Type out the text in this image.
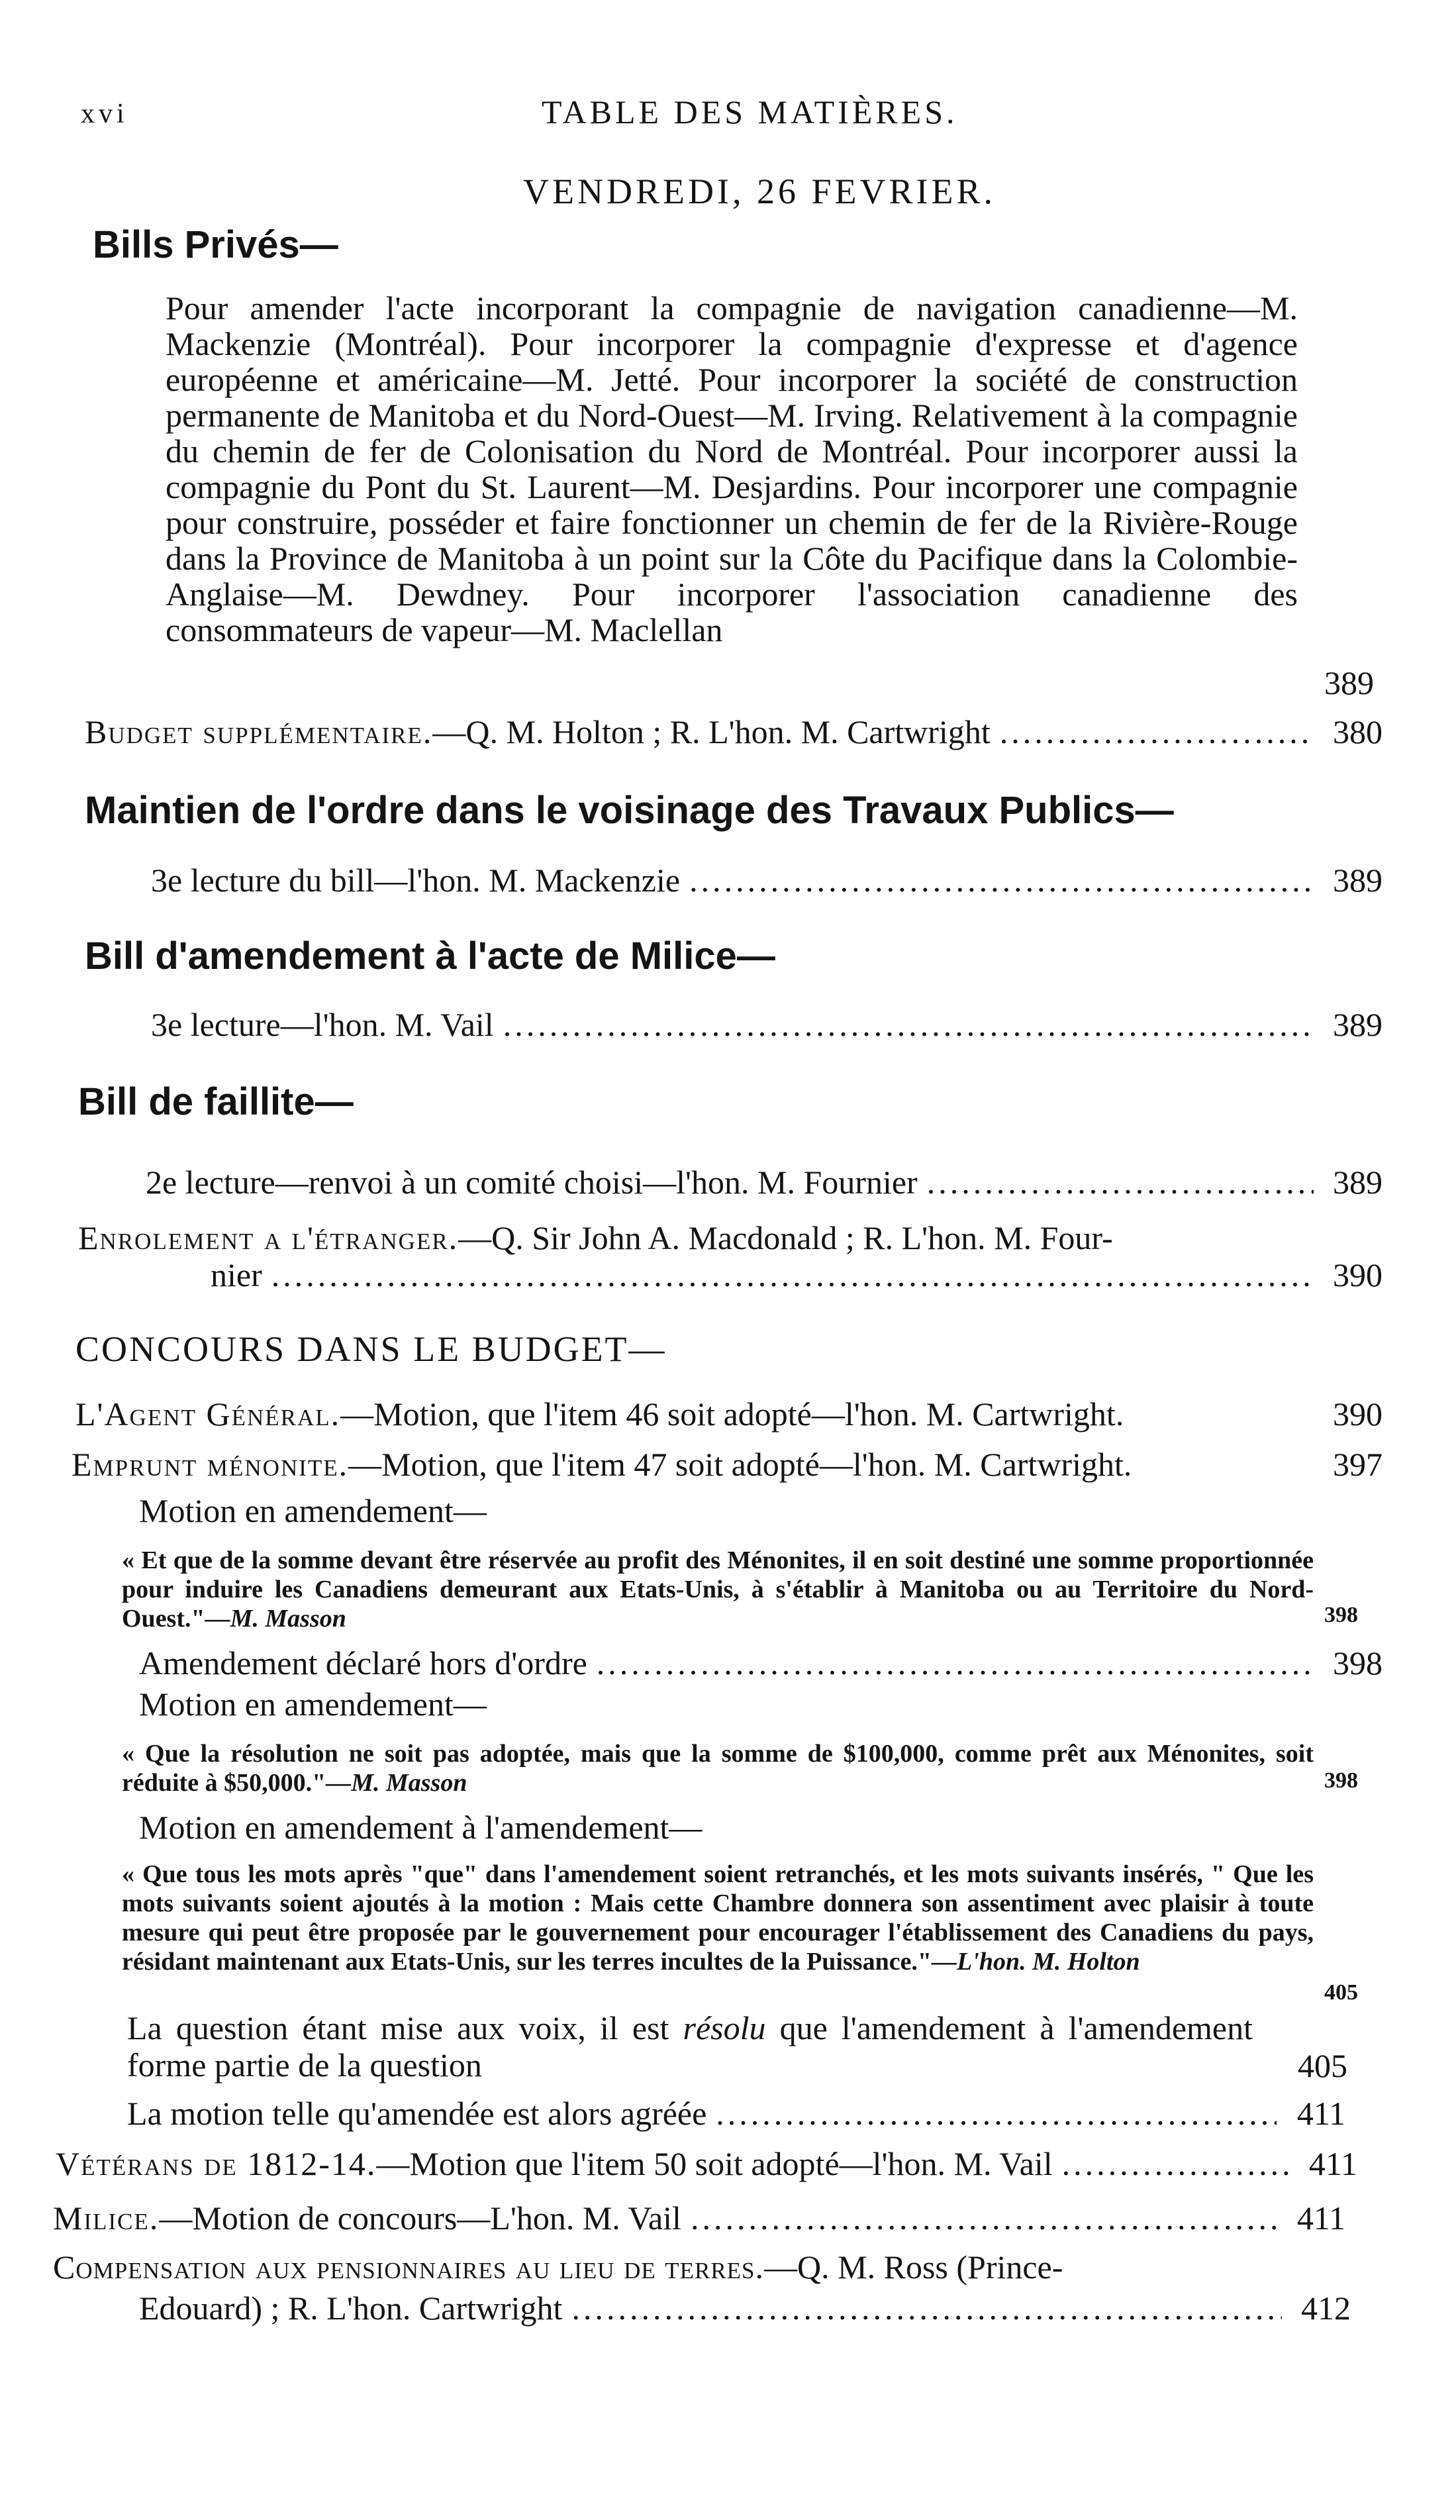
xvi	TABLE DES MATIÈRES.
VENDREDI, 26 FEVRIER.
Bills Privés—

Pour amender l'acte incorporant la compagnie de navigation canadienne—M. Mackenzie (Montréal). Pour incorporer la compagnie d'expresse et d'agence européenne et américaine—M. Jetté. Pour incorporer la société de construction permanente de Manitoba et du Nord-Ouest—M. Irving. Relativement à la compagnie du chemin de fer de Colonisation du Nord de Montréal. Pour incorporer aussi la compagnie du Pont du St. Laurent—M. Desjardins. Pour incorporer une compagnie pour construire, posséder et faire fonctionner un chemin de fer de la Rivière-Rouge dans la Province de Manitoba à un point sur la Côte du Pacifique dans la Colombie-Anglaise—M. Dewdney. Pour incorporer l'association canadienne des consommateurs de vapeur—M. Maclellan

389
Budget supplémentaire.—Q. M. Holton ; R. L'hon. M. Cartwright .....	380
Maintien de l'ordre dans le voisinage des Travaux Publics—
3e lecture du bill—l'hon. M. Mackenzie .....	389
Bill d'amendement à l'acte de Milice—
3e lecture—l'hon. M. Vail .....	389
Bill de faillite—
2e lecture—renvoi à un comité choisi—l'hon. M. Fournier .....	389
Enrolement a l'étranger.—Q. Sir John A. Macdonald ; R. L'hon. M. Four-
nier .....	390
CONCOURS DANS LE BUDGET—
L'Agent Général.—Motion, que l'item 46 soit adopté—l'hon. M. Cartwright.	390
Emprunt ménonite.—Motion, que l'item 47 soit adopté—l'hon. M. Cartwright.	397
Motion en amendement—
« Et que de la somme devant être réservée au profit des Ménonites, il en soit destiné une somme proportionnée pour induire les Canadiens demeurant aux Etats-Unis, à s'établir à Manitoba ou au Territoire du Nord-Ouest."—M. Masson	398
Amendement déclaré hors d'ordre .....	398
Motion en amendement—
« Que la résolution ne soit pas adoptée, mais que la somme de $100,000, comme prêt aux Ménonites, soit réduite à $50,000."—M. Masson	398
Motion en amendement à l'amendement—
« Que tous les mots après "que" dans l'amendement soient retranchés, et les mots suivants insérés, " Que les mots suivants soient ajoutés à la motion : Mais cette Chambre donnera son assentiment avec plaisir à toute mesure qui peut être proposée par le gouvernement pour encourager l'établissement des Canadiens du pays, résidant maintenant aux Etats-Unis, sur les terres incultes de la Puissance."—L'hon. M. Holton
405

La question étant mise aux voix, il est résolu que l'amendement à l'amendement forme partie de la question	405
La motion telle qu'amendée est alors agréée .....	411
Vétérans de 1812-14.—Motion que l'item 50 soit adopté—l'hon. M. Vail .....	411
Milice.—Motion de concours—L'hon. M. Vail .....	411
Compensation aux pensionnaires au lieu de terres.—Q. M. Ross (Prince-
Edouard) ; R. L'hon. Cartwright .....	412
